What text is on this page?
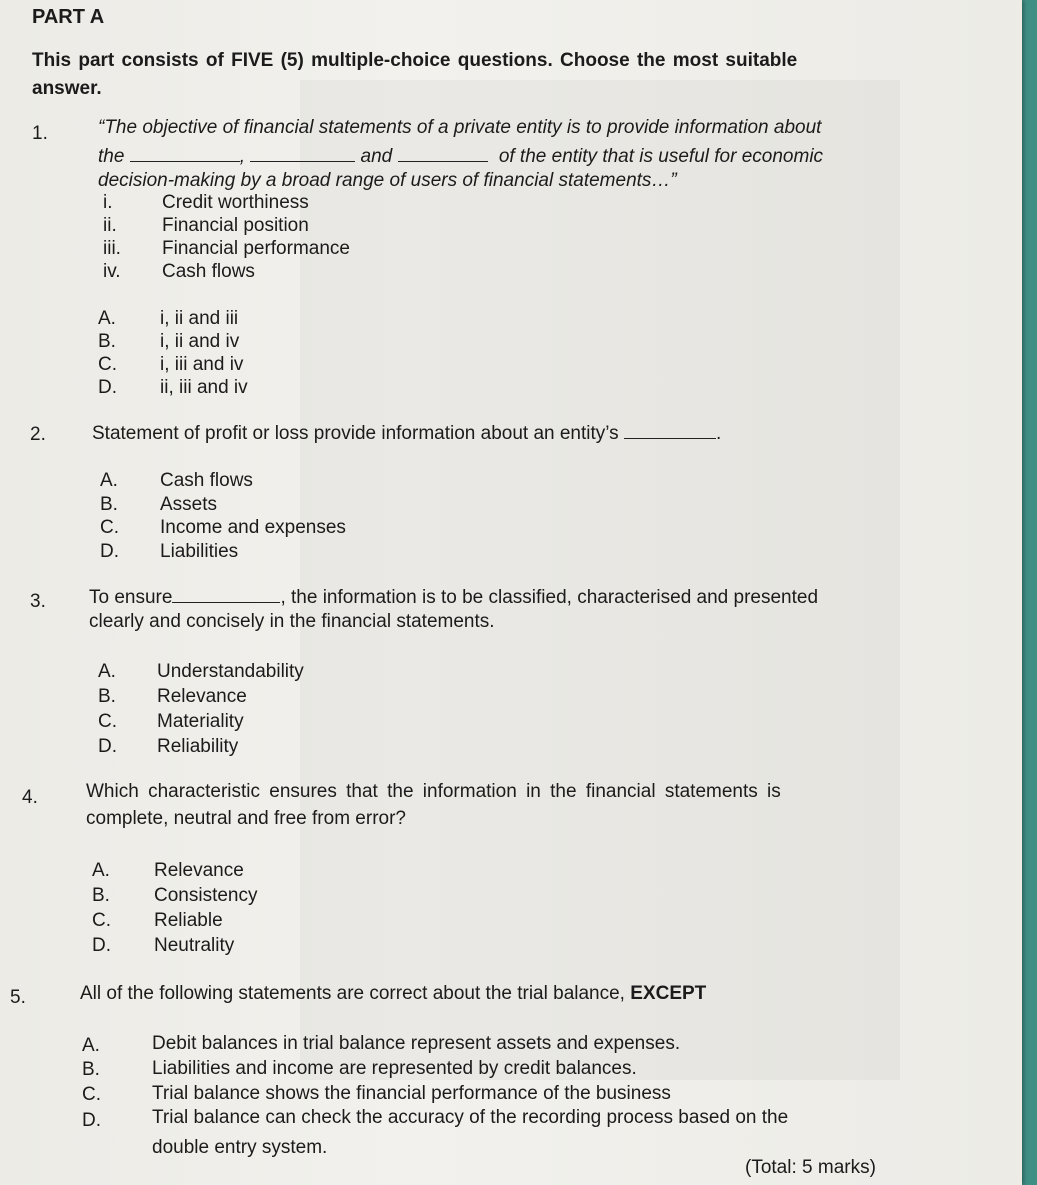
PART A
This part consists of FIVE (5) multiple-choice questions. Choose the most suitable
answer.
1.	“The objective of financial statements of a private entity is to provide information about
the	,	and	of the entity that is useful for economic
decision-making by a broad range of users of financial statements…”
i.	Credit worthiness
ii. Financial position
iii. Financial performance
iv. Cash flows
A. i, ii and iii
B. i, ii and iv
C. i, iii and iv
D. ii, iii and iv
2. Statement of profit or loss provide information about an entity’s	.
A. Cash flows
B. Assets
C. Income and expenses
D. Liabilities
3. To ensure	, the information is to be classified, characterised and presented
clearly and concisely in the financial statements.
A. Understandability
B. Relevance
C. Materiality
D. Reliability
4.	Which characteristic ensures that the information in the financial statements is
complete, neutral and free from error?
A. Relevance
B. Consistency
C. Reliable
D. Neutrality
5.	All of the following statements are correct about the trial balance, EXCEPT
A.	Debit balances in trial balance represent assets and expenses.
B.	Liabilities and income are represented by credit balances.
C.	Trial balance shows the financial performance of the business
D.	Trial balance can check the accuracy of the recording process based on the
double entry system.
(Total: 5 marks)
